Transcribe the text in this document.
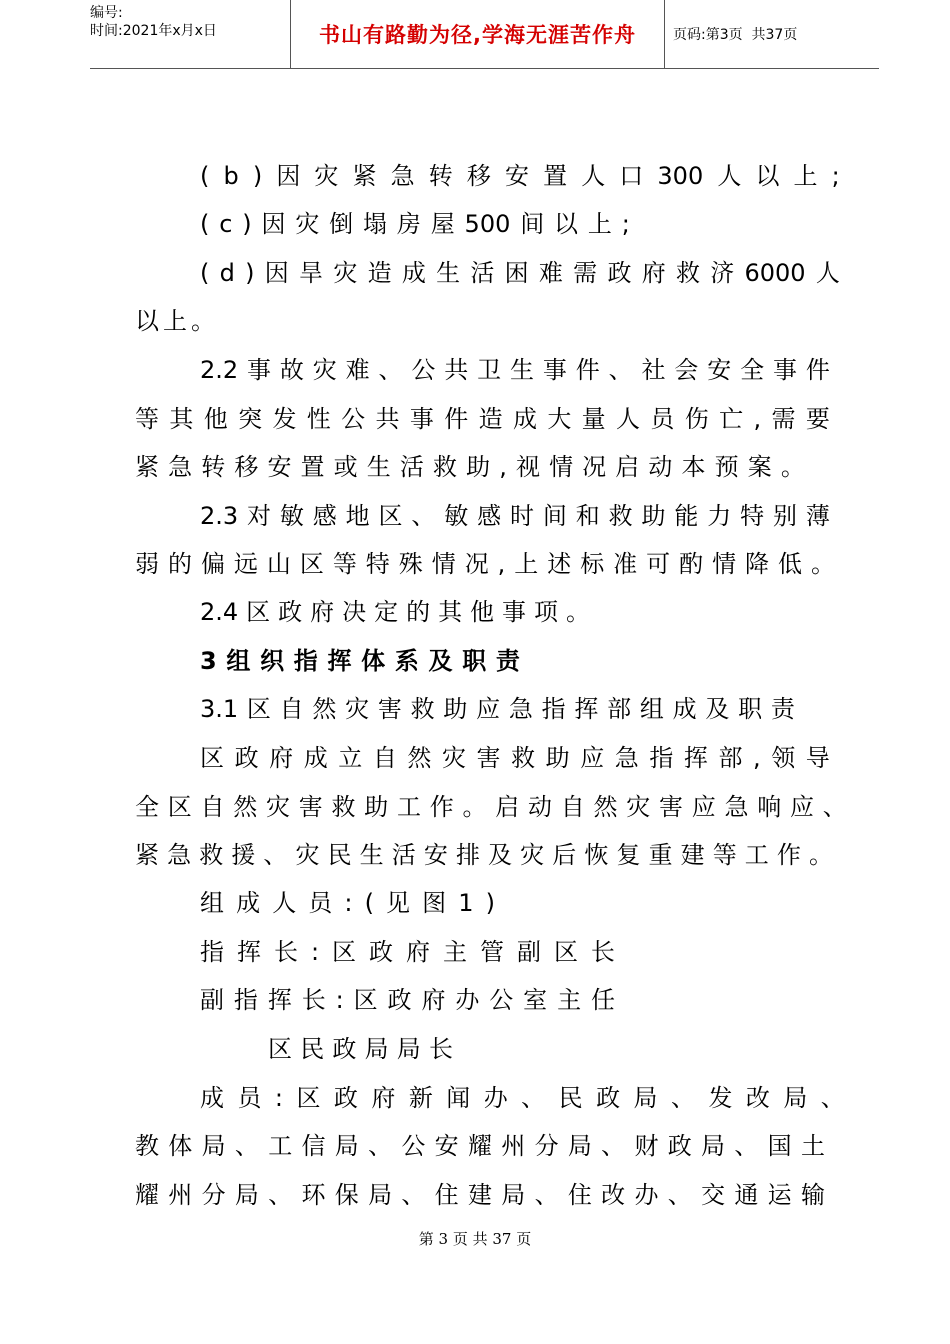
编号:
时间:2021年x月x日	书山有路勤为径,学海无涯苦作舟	页码:第3页  共37页
( b ) 因 灾 紧 急 转 移 安 置 人 口 300 人 以 上 ;
( c ) 因 灾 倒 塌 房 屋 500 间 以 上 ;
( d ) 因 旱 灾 造 成 生 活 困 难 需 政 府 救 济 6000 人
以 上 。
2.2 事 故 灾 难 、 公 共 卫 生 事 件 、 社 会 安 全 事 件
等 其 他 突 发 性 公 共 事 件 造 成 大 量 人 员 伤 亡 , 需 要
紧 急 转 移 安 置 或 生 活 救 助 , 视 情 况 启 动 本 预 案 。
2.3 对 敏 感 地 区 、 敏 感 时 间 和 救 助 能 力 特 别 薄
弱 的 偏 远 山 区 等 特 殊 情 况 , 上 述 标 准 可 酌 情 降 低 。
2.4 区 政 府 决 定 的 其 他 事 项 。
3 组 织 指 挥 体 系 及 职 责
3.1 区 自 然 灾 害 救 助 应 急 指 挥 部 组 成 及 职 责
区 政 府 成 立 自 然 灾 害 救 助 应 急 指 挥 部 , 领 导
全 区 自 然 灾 害 救 助 工 作 。 启 动 自 然 灾 害 应 急 响 应 、
紧 急 救 援 、 灾 民 生 活 安 排 及 灾 后 恢 复 重 建 等 工 作 。
组 成 人 员 : ( 见 图 1 )
指 挥 长 : 区 政 府 主 管 副 区 长
副 指 挥 长 : 区 政 府 办 公 室 主 任
区 民 政 局 局 长
成 员 : 区 政 府 新 闻 办 、 民 政 局 、 发 改 局 、
教 体 局 、 工 信 局 、 公 安 耀 州 分 局 、 财 政 局 、 国 土
耀 州 分 局 、 环 保 局 、 住 建 局 、 住 改 办 、 交 通 运 输
第 3 页 共 37 页
